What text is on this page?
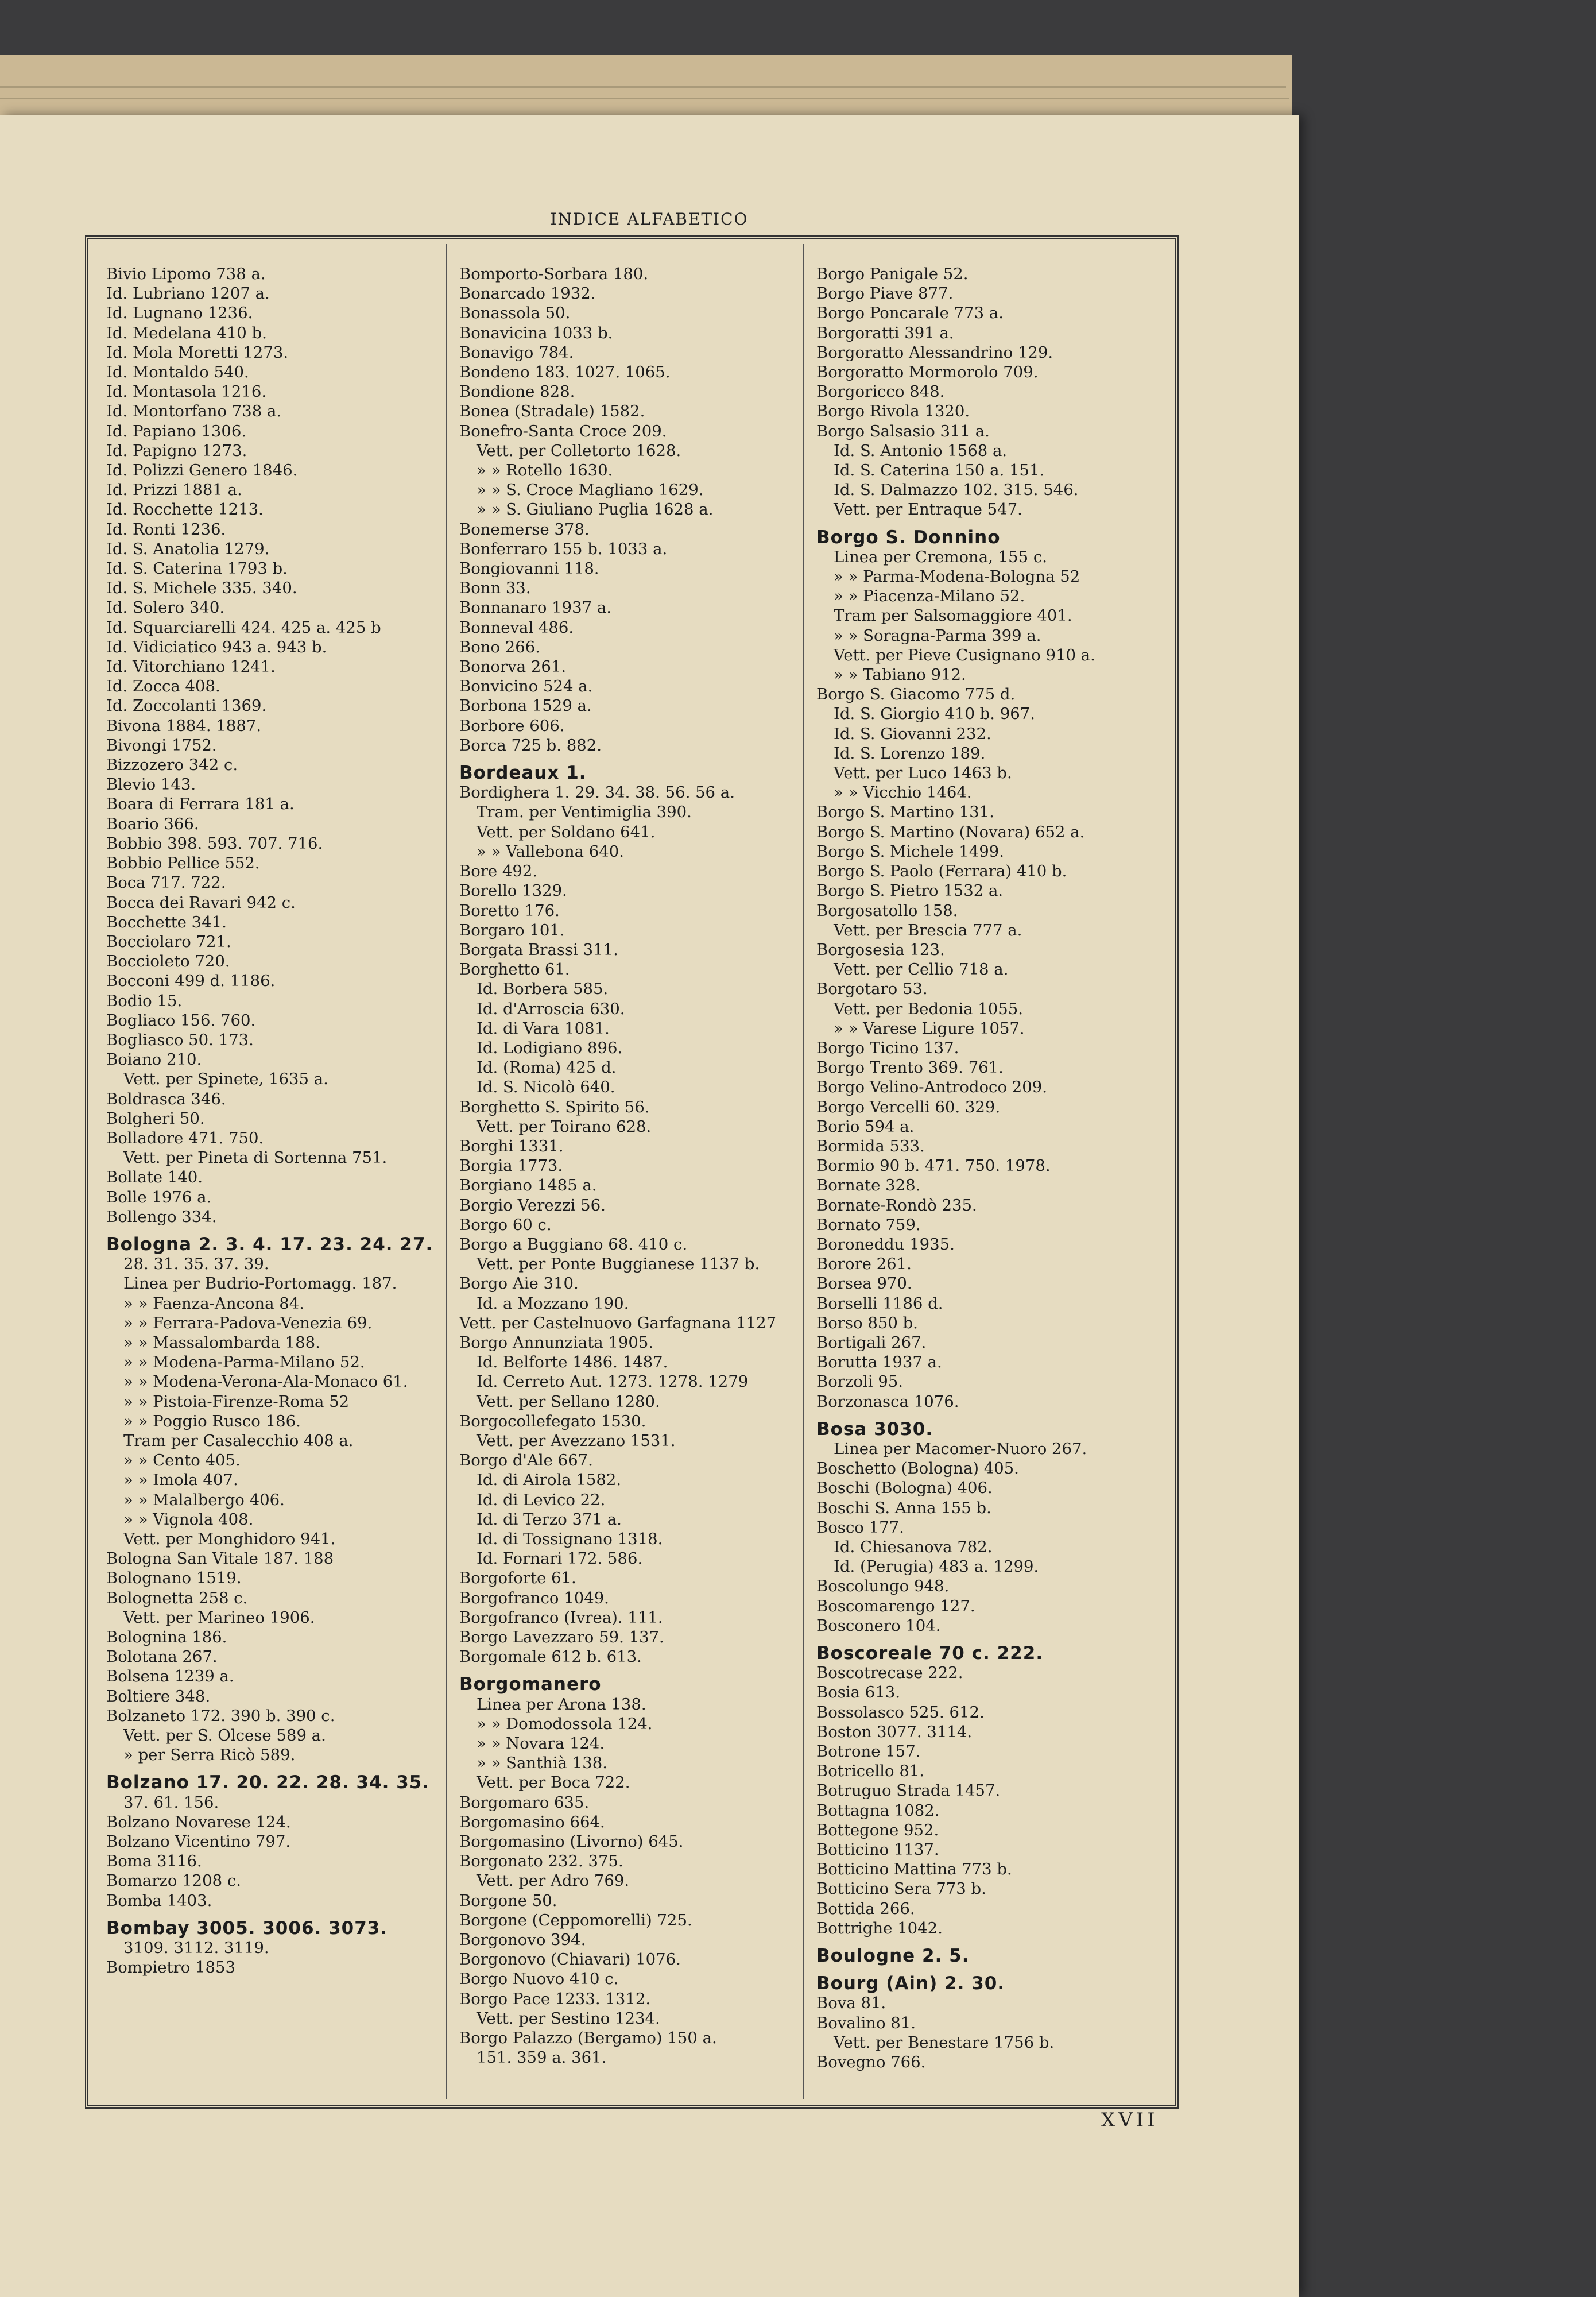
INDICE ALFABETICO
Bivio Lipomo 738 a.
Id. Lubriano 1207 a.
Id. Lugnano 1236.
Id. Medelana 410 b.
Id. Mola Moretti 1273.
Id. Montaldo 540.
Id. Montasola 1216.
Id. Montorfano 738 a.
Id. Papiano 1306.
Id. Papigno 1273.
Id. Polizzi Genero 1846.
Id. Prizzi 1881 a.
Id. Rocchette 1213.
Id. Ronti 1236.
Id. S. Anatolia 1279.
Id. S. Caterina 1793 b.
Id. S. Michele 335. 340.
Id. Solero 340.
Id. Squarciarelli 424. 425 a. 425 b
Id. Vidiciatico 943 a. 943 b.
Id. Vitorchiano 1241.
Id. Zocca 408.
Id. Zoccolanti 1369.
Bivona 1884. 1887.
Bivongi 1752.
Bizzozero 342 c.
Blevio 143.
Boara di Ferrara 181 a.
Boario 366.
Bobbio 398. 593. 707. 716.
Bobbio Pellice 552.
Boca 717. 722.
Bocca dei Ravari 942 c.
Bocchette 341.
Bocciolaro 721.
Boccioleto 720.
Bocconi 499 d. 1186.
Bodio 15.
Bogliaco 156. 760.
Bogliasco 50. 173.
Boiano 210.
Vett. per Spinete, 1635 a.
Boldrasca 346.
Bolgheri 50.
Bolladore 471. 750.
Vett. per Pineta di Sortenna 751.
Bollate 140.
Bolle 1976 a.
Bollengo 334.
Bologna 2. 3. 4. 17. 23. 24. 27.
28. 31. 35. 37. 39.
Linea per Budrio-Portomagg. 187.
» » Faenza-Ancona 84.
» » Ferrara-Padova-Venezia 69.
» » Massalombarda 188.
» » Modena-Parma-Milano 52.
» » Modena-Verona-Ala-Monaco 61.
» » Pistoia-Firenze-Roma 52
» » Poggio Rusco 186.
Tram per Casalecchio 408 a.
» » Cento 405.
» » Imola 407.
» » Malalbergo 406.
» » Vignola 408.
Vett. per Monghidoro 941.
Bologna San Vitale 187. 188
Bolognano 1519.
Bolognetta 258 c.
Vett. per Marineo 1906.
Bolognina 186.
Bolotana 267.
Bolsena 1239 a.
Boltiere 348.
Bolzaneto 172. 390 b. 390 c.
Vett. per S. Olcese 589 a.
» per Serra Ricò 589.
Bolzano 17. 20. 22. 28. 34. 35.
37. 61. 156.
Bolzano Novarese 124.
Bolzano Vicentino 797.
Boma 3116.
Bomarzo 1208 c.
Bomba 1403.
Bombay 3005. 3006. 3073.
3109. 3112. 3119.
Bompietro 1853
Bomporto-Sorbara 180.
Bonarcado 1932.
Bonassola 50.
Bonavicina 1033 b.
Bonavigo 784.
Bondeno 183. 1027. 1065.
Bondione 828.
Bonea (Stradale) 1582.
Bonefro-Santa Croce 209.
Vett. per Colletorto 1628.
» » Rotello 1630.
» » S. Croce Magliano 1629.
» » S. Giuliano Puglia 1628 a.
Bonemerse 378.
Bonferraro 155 b. 1033 a.
Bongiovanni 118.
Bonn 33.
Bonnanaro 1937 a.
Bonneval 486.
Bono 266.
Bonorva 261.
Bonvicino 524 a.
Borbona 1529 a.
Borbore 606.
Borca 725 b. 882.
Bordeaux 1.
Bordighera 1. 29. 34. 38. 56. 56 a.
Tram. per Ventimiglia 390.
Vett. per Soldano 641.
» » Vallebona 640.
Bore 492.
Borello 1329.
Boretto 176.
Borgaro 101.
Borgata Brassi 311.
Borghetto 61.
Id. Borbera 585.
Id. d'Arroscia 630.
Id. di Vara 1081.
Id. Lodigiano 896.
Id. (Roma) 425 d.
Id. S. Nicolò 640.
Borghetto S. Spirito 56.
Vett. per Toirano 628.
Borghi 1331.
Borgia 1773.
Borgiano 1485 a.
Borgio Verezzi 56.
Borgo 60 c.
Borgo a Buggiano 68. 410 c.
Vett. per Ponte Buggianese 1137 b.
Borgo Aie 310.
Id. a Mozzano 190.
Vett. per Castelnuovo Garfagnana 1127
Borgo Annunziata 1905.
Id. Belforte 1486. 1487.
Id. Cerreto Aut. 1273. 1278. 1279
Vett. per Sellano 1280.
Borgocollefegato 1530.
Vett. per Avezzano 1531.
Borgo d'Ale 667.
Id. di Airola 1582.
Id. di Levico 22.
Id. di Terzo 371 a.
Id. di Tossignano 1318.
Id. Fornari 172. 586.
Borgoforte 61.
Borgofranco 1049.
Borgofranco (Ivrea). 111.
Borgo Lavezzaro 59. 137.
Borgomale 612 b. 613.
Borgomanero
Linea per Arona 138.
» » Domodossola 124.
» » Novara 124.
» » Santhià 138.
Vett. per Boca 722.
Borgomaro 635.
Borgomasino 664.
Borgomasino (Livorno) 645.
Borgonato 232. 375.
Vett. per Adro 769.
Borgone 50.
Borgone (Ceppomorelli) 725.
Borgonovo 394.
Borgonovo (Chiavari) 1076.
Borgo Nuovo 410 c.
Borgo Pace 1233. 1312.
Vett. per Sestino 1234.
Borgo Palazzo (Bergamo) 150 a.
151. 359 a. 361.
Borgo Panigale 52.
Borgo Piave 877.
Borgo Poncarale 773 a.
Borgoratti 391 a.
Borgoratto Alessandrino 129.
Borgoratto Mormorolo 709.
Borgoricco 848.
Borgo Rivola 1320.
Borgo Salsasio 311 a.
Id. S. Antonio 1568 a.
Id. S. Caterina 150 a. 151.
Id. S. Dalmazzo 102. 315. 546.
Vett. per Entraque 547.
Borgo S. Donnino
Linea per Cremona, 155 c.
» » Parma-Modena-Bologna 52
» » Piacenza-Milano 52.
Tram per Salsomaggiore 401.
» » Soragna-Parma 399 a.
Vett. per Pieve Cusignano 910 a.
» » Tabiano 912.
Borgo S. Giacomo 775 d.
Id. S. Giorgio 410 b. 967.
Id. S. Giovanni 232.
Id. S. Lorenzo 189.
Vett. per Luco 1463 b.
» » Vicchio 1464.
Borgo S. Martino 131.
Borgo S. Martino (Novara) 652 a.
Borgo S. Michele 1499.
Borgo S. Paolo (Ferrara) 410 b.
Borgo S. Pietro 1532 a.
Borgosatollo 158.
Vett. per Brescia 777 a.
Borgosesia 123.
Vett. per Cellio 718 a.
Borgotaro 53.
Vett. per Bedonia 1055.
» » Varese Ligure 1057.
Borgo Ticino 137.
Borgo Trento 369. 761.
Borgo Velino-Antrodoco 209.
Borgo Vercelli 60. 329.
Borio 594 a.
Bormida 533.
Bormio 90 b. 471. 750. 1978.
Bornate 328.
Bornate-Rondò 235.
Bornato 759.
Boroneddu 1935.
Borore 261.
Borsea 970.
Borselli 1186 d.
Borso 850 b.
Bortigali 267.
Borutta 1937 a.
Borzoli 95.
Borzonasca 1076.
Bosa 3030.
Linea per Macomer-Nuoro 267.
Boschetto (Bologna) 405.
Boschi (Bologna) 406.
Boschi S. Anna 155 b.
Bosco 177.
Id. Chiesanova 782.
Id. (Perugia) 483 a. 1299.
Boscolungo 948.
Boscomarengo 127.
Bosconero 104.
Boscoreale 70 c. 222.
Boscotrecase 222.
Bosia 613.
Bossolasco 525. 612.
Boston 3077. 3114.
Botrone 157.
Botricello 81.
Botruguo Strada 1457.
Bottagna 1082.
Bottegone 952.
Botticino 1137.
Botticino Mattina 773 b.
Botticino Sera 773 b.
Bottida 266.
Bottrighe 1042.
Boulogne 2. 5.
Bourg (Ain) 2. 30.
Bova 81.
Bovalino 81.
Vett. per Benestare 1756 b.
Bovegno 766.
XVII
